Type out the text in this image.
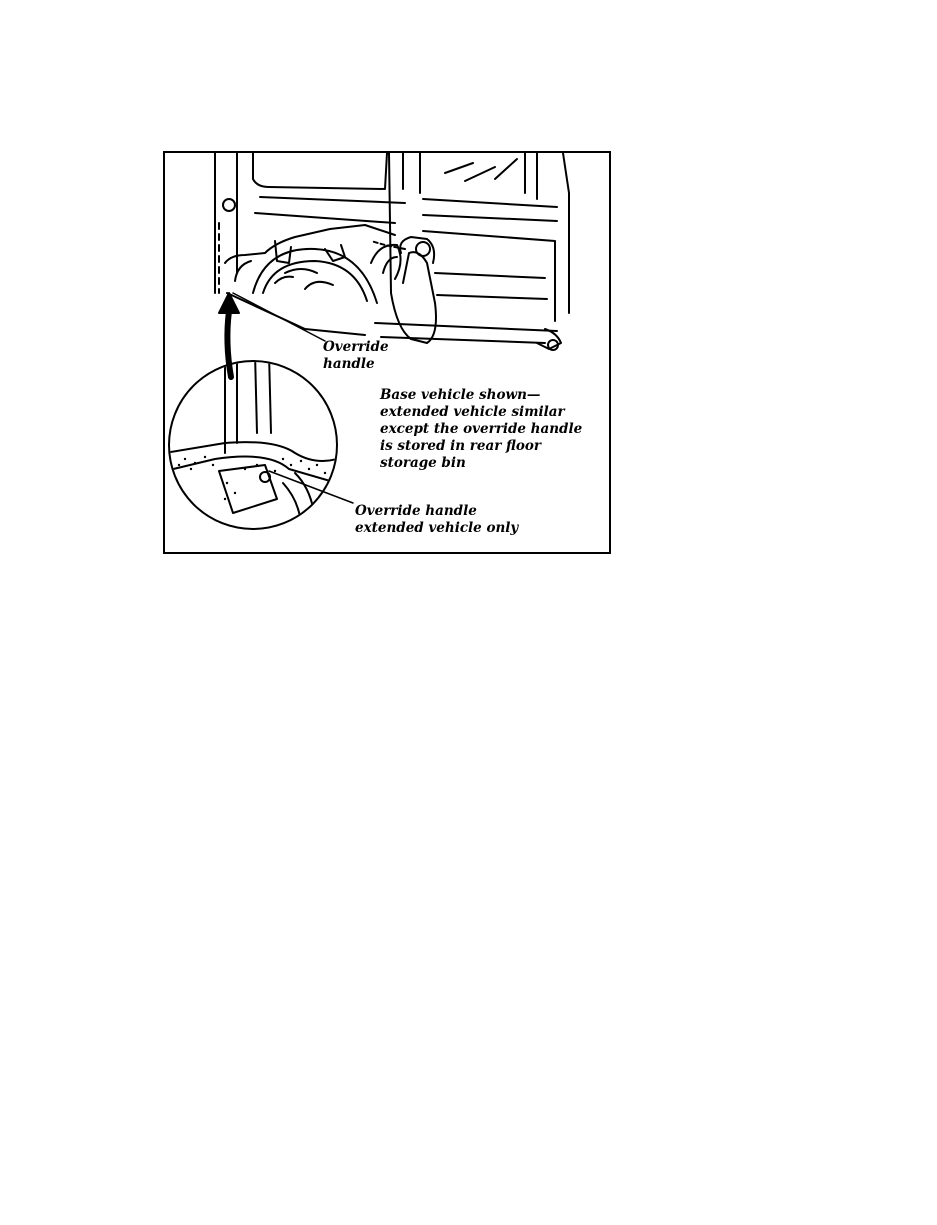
Override
handle
Base vehicle shown—
extended vehicle similar
except the override handle
is stored in rear floor
storage bin
Override handle
extended vehicle only
